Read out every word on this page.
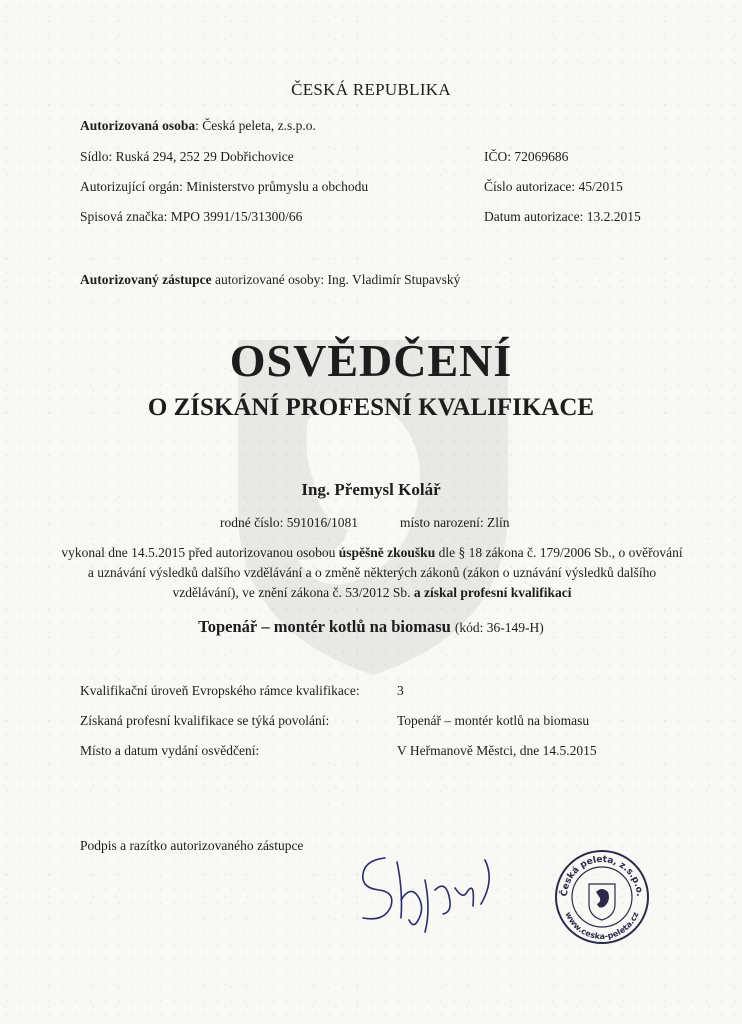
ČESKÁ REPUBLIKA
Autorizovaná osoba: Česká peleta, z.s.p.o.
Sídlo: Ruská 294, 252 29 Dobřichovice	IČO: 72069686
Autorizující orgán: Ministerstvo průmyslu a obchodu	Číslo autorizace: 45/2015
Spisová značka: MPO 3991/15/31300/66	Datum autorizace: 13.2.2015
Autorizovaný zástupce autorizované osoby: Ing. Vladimír Stupavský
OSVĚDČENÍ
O ZÍSKÁNÍ PROFESNÍ KVALIFIKACE
Ing. Přemysl Kolář
rodné číslo: 591016/1081	místo narození: Zlín
vykonal dne 14.5.2015 před autorizovanou osobou úspěšně zkoušku dle § 18 zákona č. 179/2006 Sb., o ověřování a uznávání výsledků dalšího vzdělávání a o změně některých zákonů (zákon o uznávání výsledků dalšího vzdělávání), ve znění zákona č. 53/2012 Sb. a získal profesní kvalifikaci
Topenář – montér kotlů na biomasu (kód: 36-149-H)
Kvalifikační úroveň Evropského rámce kvalifikace:	3
Získaná profesní kvalifikace se týká povolání:	Topenář – montér kotlů na biomasu
Místo a datum vydání osvědčení:	V Heřmanově Městci, dne 14.5.2015
Podpis a razítko autorizovaného zástupce
Česká peleta, z.s.p.o.
www.ceska-peleta.cz
